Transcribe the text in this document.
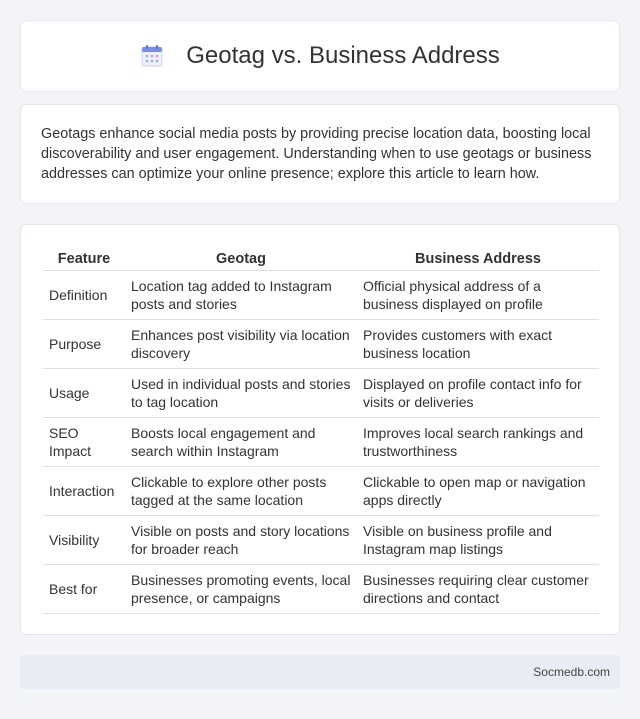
Geotag vs. Business Address

Geotags enhance social media posts by providing precise location data, boosting local discoverability and user engagement. Understanding when to use geotags or business addresses can optimize your online presence; explore this article to learn how.

Feature	Geotag	Business Address
Definition	Location tag added to Instagram posts and stories	Official physical address of a business displayed on profile
Purpose	Enhances post visibility via location discovery	Provides customers with exact business location
Usage	Used in individual posts and stories to tag location	Displayed on profile contact info for visits or deliveries
SEO Impact	Boosts local engagement and search within Instagram	Improves local search rankings and trustworthiness
Interaction	Clickable to explore other posts tagged at the same location	Clickable to open map or navigation apps directly
Visibility	Visible on posts and story locations for broader reach	Visible on business profile and Instagram map listings
Best for	Businesses promoting events, local presence, or campaigns	Businesses requiring clear customer directions and contact
Socmedb.com
